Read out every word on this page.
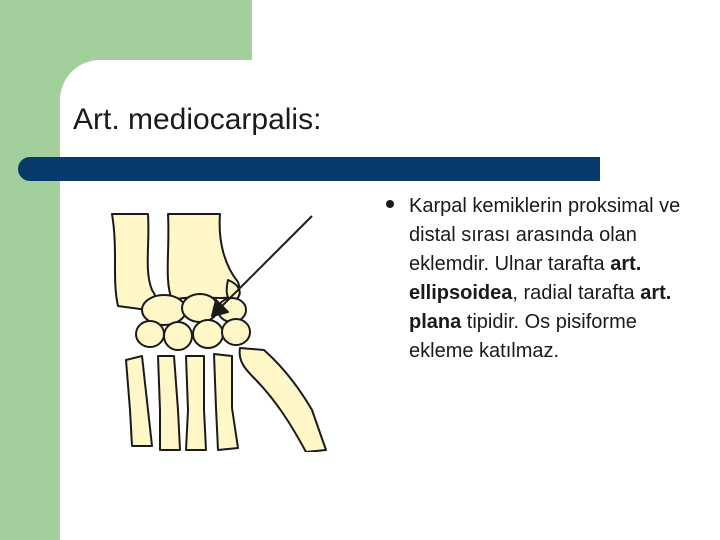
Art. mediocarpalis:
Karpal kemiklerin proksimal ve distal sırası arasında olan eklemdir. Ulnar tarafta art. ellipsoidea, radial tarafta art. plana tipidir. Os pisiforme ekleme katılmaz.
